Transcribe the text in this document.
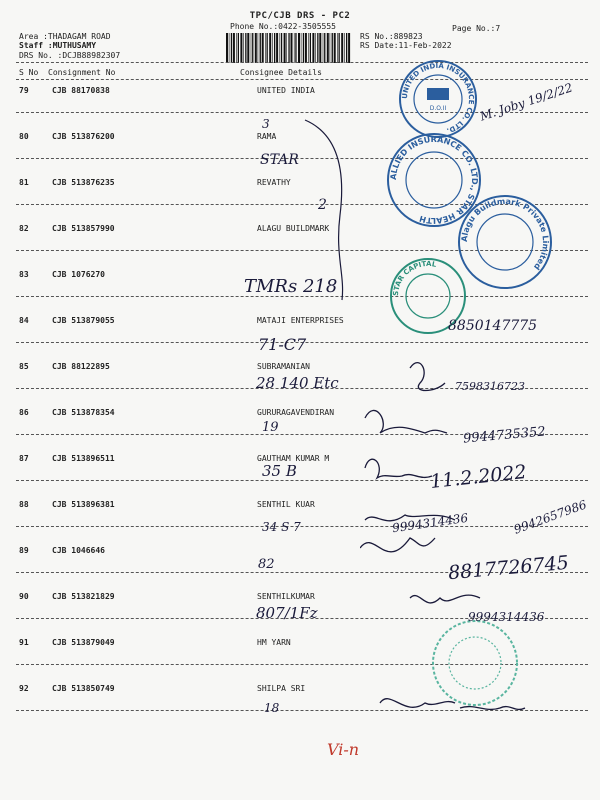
TPC/CJB DRS - PC2
Phone No.:0422-3505555	Page No.:7
Area :THADAGAM ROAD
Staff :MUTHUSAMY
DRS No. :DCJB88982307
RS No.:889823
RS Date:11-Feb-2022
S No Consignment No	Consignee Details
79	CJB 88170838	UNITED INDIA
80	CJB 513876200	RAMA
81	CJB 513876235	REVATHY
82	CJB 513857990	ALAGU BUILDMARK
83	CJB 1076270
84	CJB 513879055	MATAJI ENTERPRISES
85	CJB 88122895	SUBRAMANIAN
86	CJB 513878354	GURURAGAVENDIRAN
87	CJB 513896511	GAUTHAM KUMAR M
88	CJB 513896381	SENTHIL KUAR
89	CJB 1046646
90	CJB 513821829	SENTHILKUMAR
91	CJB 513879049	HM YARN
92	CJB 513850749	SHILPA SRI
UNITED INDIA INSURANCE CO. LTD.
D.O.II	M. Joby 19/2/22
ALLIED INSURANCE CO. LTD., STAR HEALTH
Alagu Buildmark Private Limited
STAR CAPITAL
3
STAR
2
TMRs 218
8850147775
71-C7
28 140 Etc	7598316723
19	9944735352
35 B	11.2.2022
34 S 7	9994314436	9942657986
82	8817726745
807/1Fz	9994314436
18
Vi-n
